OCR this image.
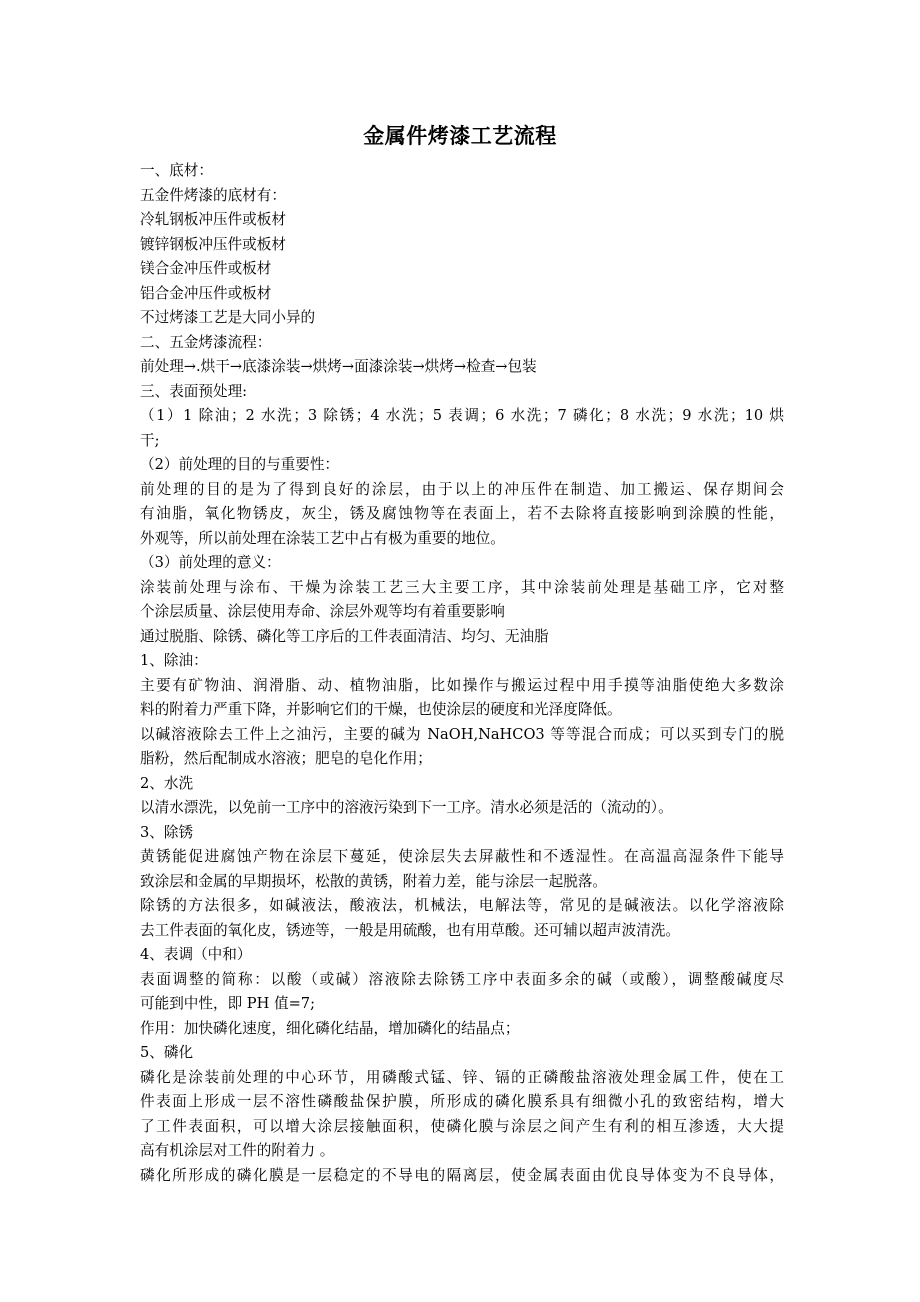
金属件烤漆工艺流程
一、底材：
五金件烤漆的底材有：
冷轧钢板冲压件或板材
镀锌钢板冲压件或板材
镁合金冲压件或板材
铝合金冲压件或板材
不过烤漆工艺是大同小异的
二、五金烤漆流程：
前处理→.烘干→底漆涂装→烘烤→面漆涂装→烘烤→检查→包装
三、表面预处理:
（1）1 除油；2 水洗；3 除锈；4 水洗；5 表调；6 水洗；7 磷化；8 水洗；9 水洗；10 烘
干;
（2）前处理的目的与重要性：
前处理的目的是为了得到良好的涂层，由于以上的冲压件在制造、加工搬运、保存期间会
有油脂，氧化物锈皮，灰尘，锈及腐蚀物等在表面上，若不去除将直接影响到涂膜的性能，
外观等，所以前处理在涂装工艺中占有极为重要的地位。
（3）前处理的意义：
涂装前处理与涂布、干燥为涂装工艺三大主要工序，其中涂装前处理是基础工序，它对整
个涂层质量、涂层使用寿命、涂层外观等均有着重要影响
通过脱脂、除锈、磷化等工序后的工件表面清洁、均匀、无油脂
1、除油：
主要有矿物油、润滑脂、动、植物油脂，比如操作与搬运过程中用手摸等油脂使绝大多数涂
料的附着力严重下降，并影响它们的干燥，也使涂层的硬度和光泽度降低。
以碱溶液除去工件上之油污，主要的碱为 NaOH,NaHCO3 等等混合而成；可以买到专门的脱
脂粉，然后配制成水溶液；肥皂的皂化作用；
2、水洗
以清水漂洗，以免前一工序中的溶液污染到下一工序。清水必须是活的（流动的）。
3、除锈
黄锈能促进腐蚀产物在涂层下蔓延，使涂层失去屏蔽性和不透湿性。在高温高湿条件下能导
致涂层和金属的早期损坏，松散的黄锈，附着力差，能与涂层一起脱落。
除锈的方法很多，如碱液法，酸液法，机械法，电解法等，常见的是碱液法。以化学溶液除
去工件表面的氧化皮，锈迹等，一般是用硫酸，也有用草酸。还可辅以超声波清洗。
4、表调（中和）
表面调整的简称：以酸（或碱）溶液除去除锈工序中表面多余的碱（或酸），调整酸碱度尽
可能到中性，即 PH 值=7;
作用：加快磷化速度，细化磷化结晶，增加磷化的结晶点；
5、磷化
磷化是涂装前处理的中心环节，用磷酸式锰、锌、镉的正磷酸盐溶液处理金属工件，使在工
件表面上形成一层不溶性磷酸盐保护膜，所形成的磷化膜系具有细微小孔的致密结构，增大
了工件表面积，可以增大涂层接触面积，使磷化膜与涂层之间产生有利的相互渗透，大大提
高有机涂层对工件的附着力 。
磷化所形成的磷化膜是一层稳定的不导电的隔离层，使金属表面由优良导体变为不良导体，
